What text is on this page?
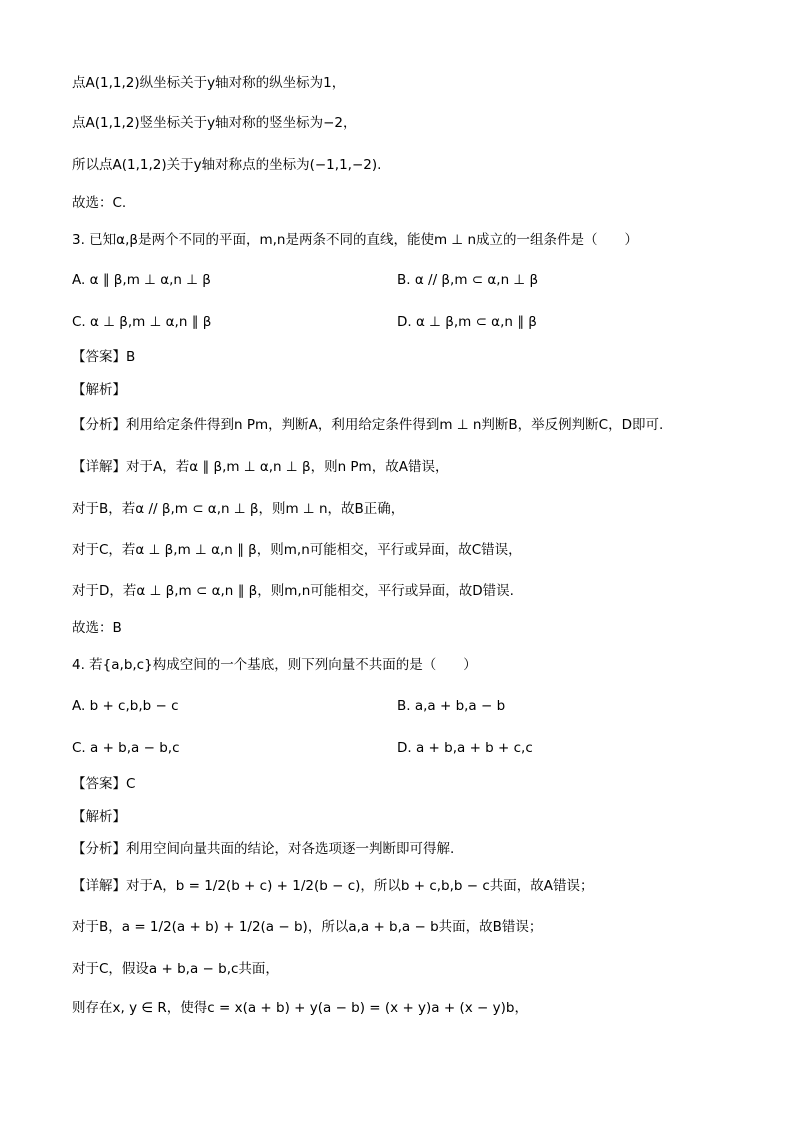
点A(1,1,2)纵坐标关于y轴对称的纵坐标为1，
点A(1,1,2)竖坐标关于y轴对称的竖坐标为−2，
所以点A(1,1,2)关于y轴对称点的坐标为(−1,1,−2).
故选：C.
3. 已知α,β是两个不同的平面，m,n是两条不同的直线，能使m ⊥ n成立的一组条件是（　　）
A. α ∥ β,m ⊥ α,n ⊥ β	B. α // β,m ⊂ α,n ⊥ β
C. α ⊥ β,m ⊥ α,n ∥ β	D. α ⊥ β,m ⊂ α,n ∥ β
【答案】B
【解析】
【分析】利用给定条件得到n Pm，判断A，利用给定条件得到m ⊥ n判断B，举反例判断C，D即可.
【详解】对于A，若α ∥ β,m ⊥ α,n ⊥ β，则n Pm，故A错误，
对于B，若α // β,m ⊂ α,n ⊥ β，则m ⊥ n，故B正确，
对于C，若α ⊥ β,m ⊥ α,n ∥ β，则m,n可能相交，平行或异面，故C错误，
对于D，若α ⊥ β,m ⊂ α,n ∥ β，则m,n可能相交，平行或异面，故D错误.
故选：B
4. 若{a,b,c}构成空间的一个基底，则下列向量不共面的是（　　）
A. b + c,b,b − c	B. a,a + b,a − b
C. a + b,a − b,c	D. a + b,a + b + c,c
【答案】C
【解析】
【分析】利用空间向量共面的结论，对各选项逐一判断即可得解.
【详解】对于A，b = 1/2(b + c) + 1/2(b − c)，所以b + c,b,b − c共面，故A错误；
对于B，a = 1/2(a + b) + 1/2(a − b)，所以a,a + b,a − b共面，故B错误；
对于C，假设a + b,a − b,c共面，
则存在x, y ∈ R，使得c = x(a + b) + y(a − b) = (x + y)a + (x − y)b，
